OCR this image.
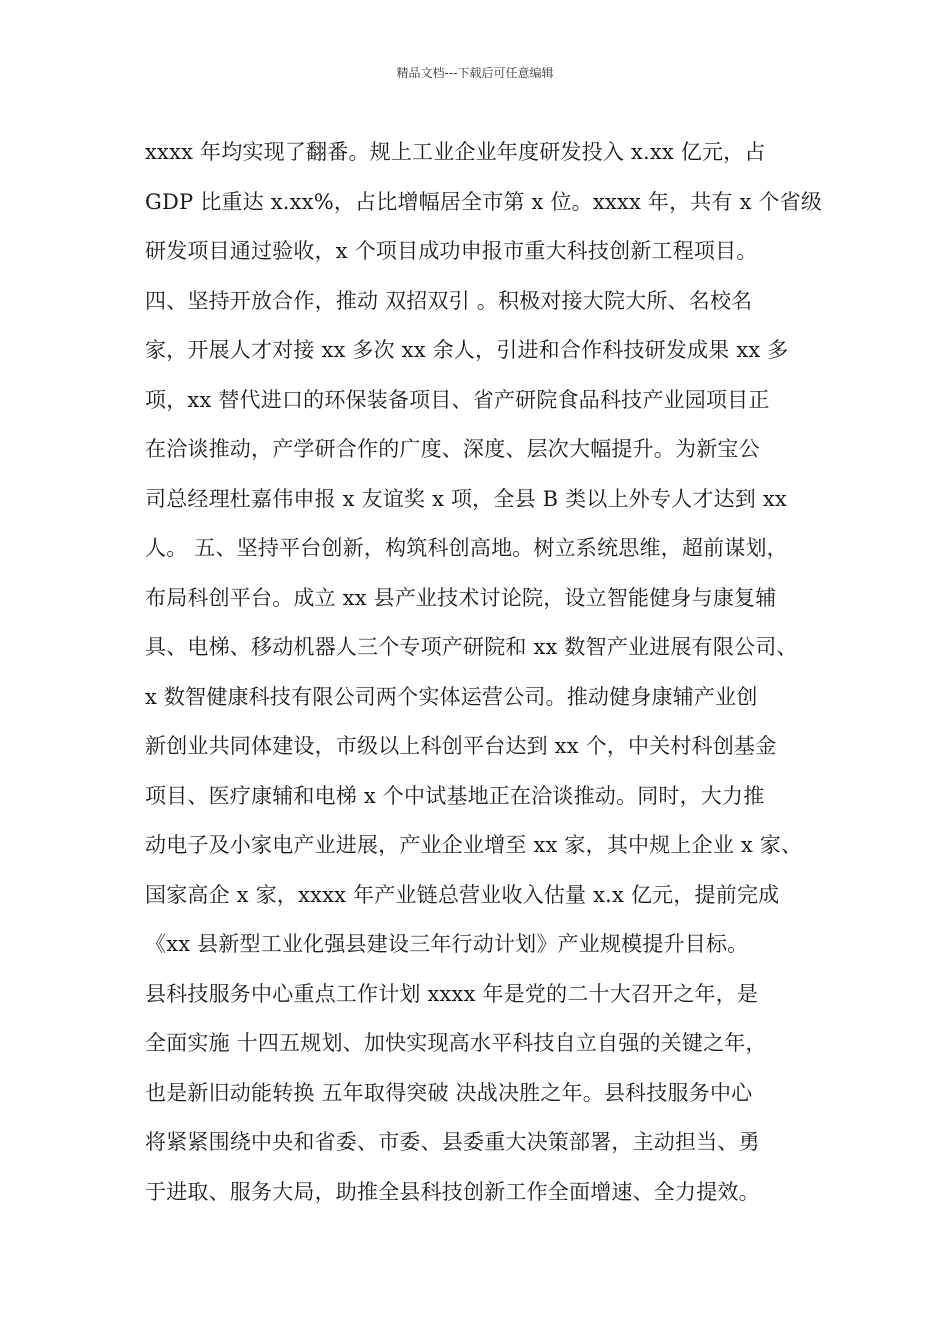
精品文档---下载后可任意编辑
xxxx 年均实现了翻番。规上工业企业年度研发投入 x.xx 亿元，占
GDP 比重达 x.xx%，占比增幅居全市第 x 位。xxxx 年，共有 x 个省级
研发项目通过验收，x 个项目成功申报市重大科技创新工程项目。
四、坚持开放合作，推动 双招双引 。积极对接大院大所、名校名
家，开展人才对接 xx 多次 xx 余人，引进和合作科技研发成果 xx 多
项，xx 替代进口的环保装备项目、省产研院食品科技产业园项目正
在洽谈推动，产学研合作的广度、深度、层次大幅提升。为新宝公
司总经理杜嘉伟申报 x 友谊奖 x 项，全县 B 类以上外专人才达到 xx
人。 五、坚持平台创新，构筑科创高地。树立系统思维，超前谋划，
布局科创平台。成立 xx 县产业技术讨论院，设立智能健身与康复辅
具、电梯、移动机器人三个专项产研院和 xx 数智产业进展有限公司、
x 数智健康科技有限公司两个实体运营公司。推动健身康辅产业创
新创业共同体建设，市级以上科创平台达到 xx 个，中关村科创基金
项目、医疗康辅和电梯 x 个中试基地正在洽谈推动。同时，大力推
动电子及小家电产业进展，产业企业增至 xx 家，其中规上企业 x 家、
国家高企 x 家，xxxx 年产业链总营业收入估量 x.x 亿元，提前完成
《xx 县新型工业化强县建设三年行动计划》产业规模提升目标。
县科技服务中心重点工作计划 xxxx 年是党的二十大召开之年，是
全面实施 十四五规划、加快实现高水平科技自立自强的关键之年，
也是新旧动能转换 五年取得突破 决战决胜之年。县科技服务中心
将紧紧围绕中央和省委、市委、县委重大决策部署，主动担当、勇
于进取、服务大局，助推全县科技创新工作全面增速、全力提效。
